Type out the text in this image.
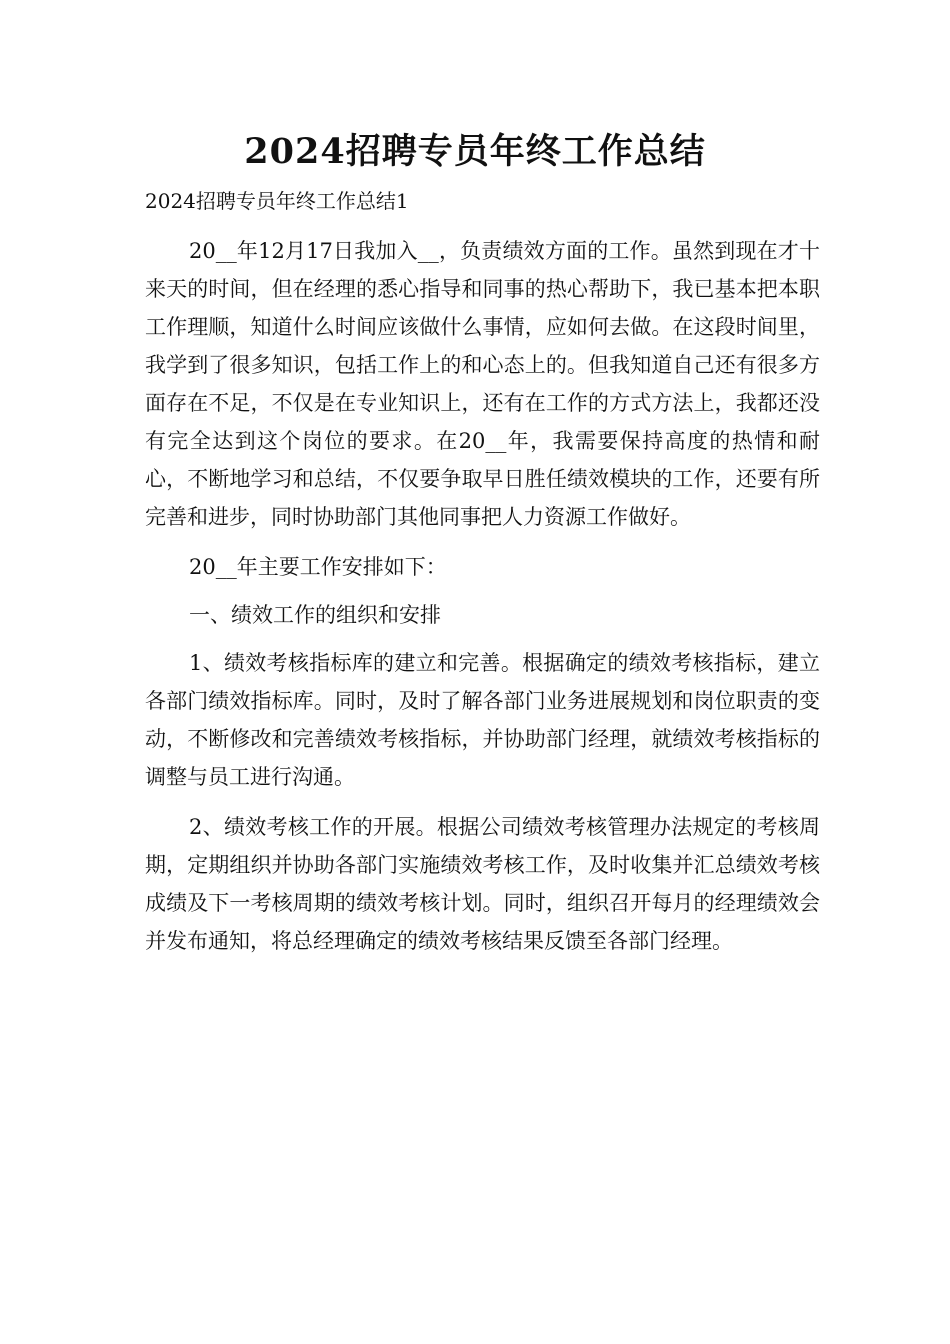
2024招聘专员年终工作总结
2024招聘专员年终工作总结1

20__年12月17日我加入__，负责绩效方面的工作。虽然到现在才十来天的时间，但在经理的悉心指导和同事的热心帮助下，我已基本把本职工作理顺，知道什么时间应该做什么事情，应如何去做。在这段时间里，我学到了很多知识，包括工作上的和心态上的。但我知道自己还有很多方面存在不足，不仅是在专业知识上，还有在工作的方式方法上，我都还没有完全达到这个岗位的要求。在20__年，我需要保持高度的热情和耐心，不断地学习和总结，不仅要争取早日胜任绩效模块的工作，还要有所完善和进步，同时协助部门其他同事把人力资源工作做好。

20__年主要工作安排如下：

一、绩效工作的组织和安排

1、绩效考核指标库的建立和完善。根据确定的绩效考核指标，建立各部门绩效指标库。同时，及时了解各部门业务进展规划和岗位职责的变动，不断修改和完善绩效考核指标，并协助部门经理，就绩效考核指标的调整与员工进行沟通。

2、绩效考核工作的开展。根据公司绩效考核管理办法规定的考核周期，定期组织并协助各部门实施绩效考核工作，及时收集并汇总绩效考核成绩及下一考核周期的绩效考核计划。同时，组织召开每月的经理绩效会并发布通知，将总经理确定的绩效考核结果反馈至各部门经理。
